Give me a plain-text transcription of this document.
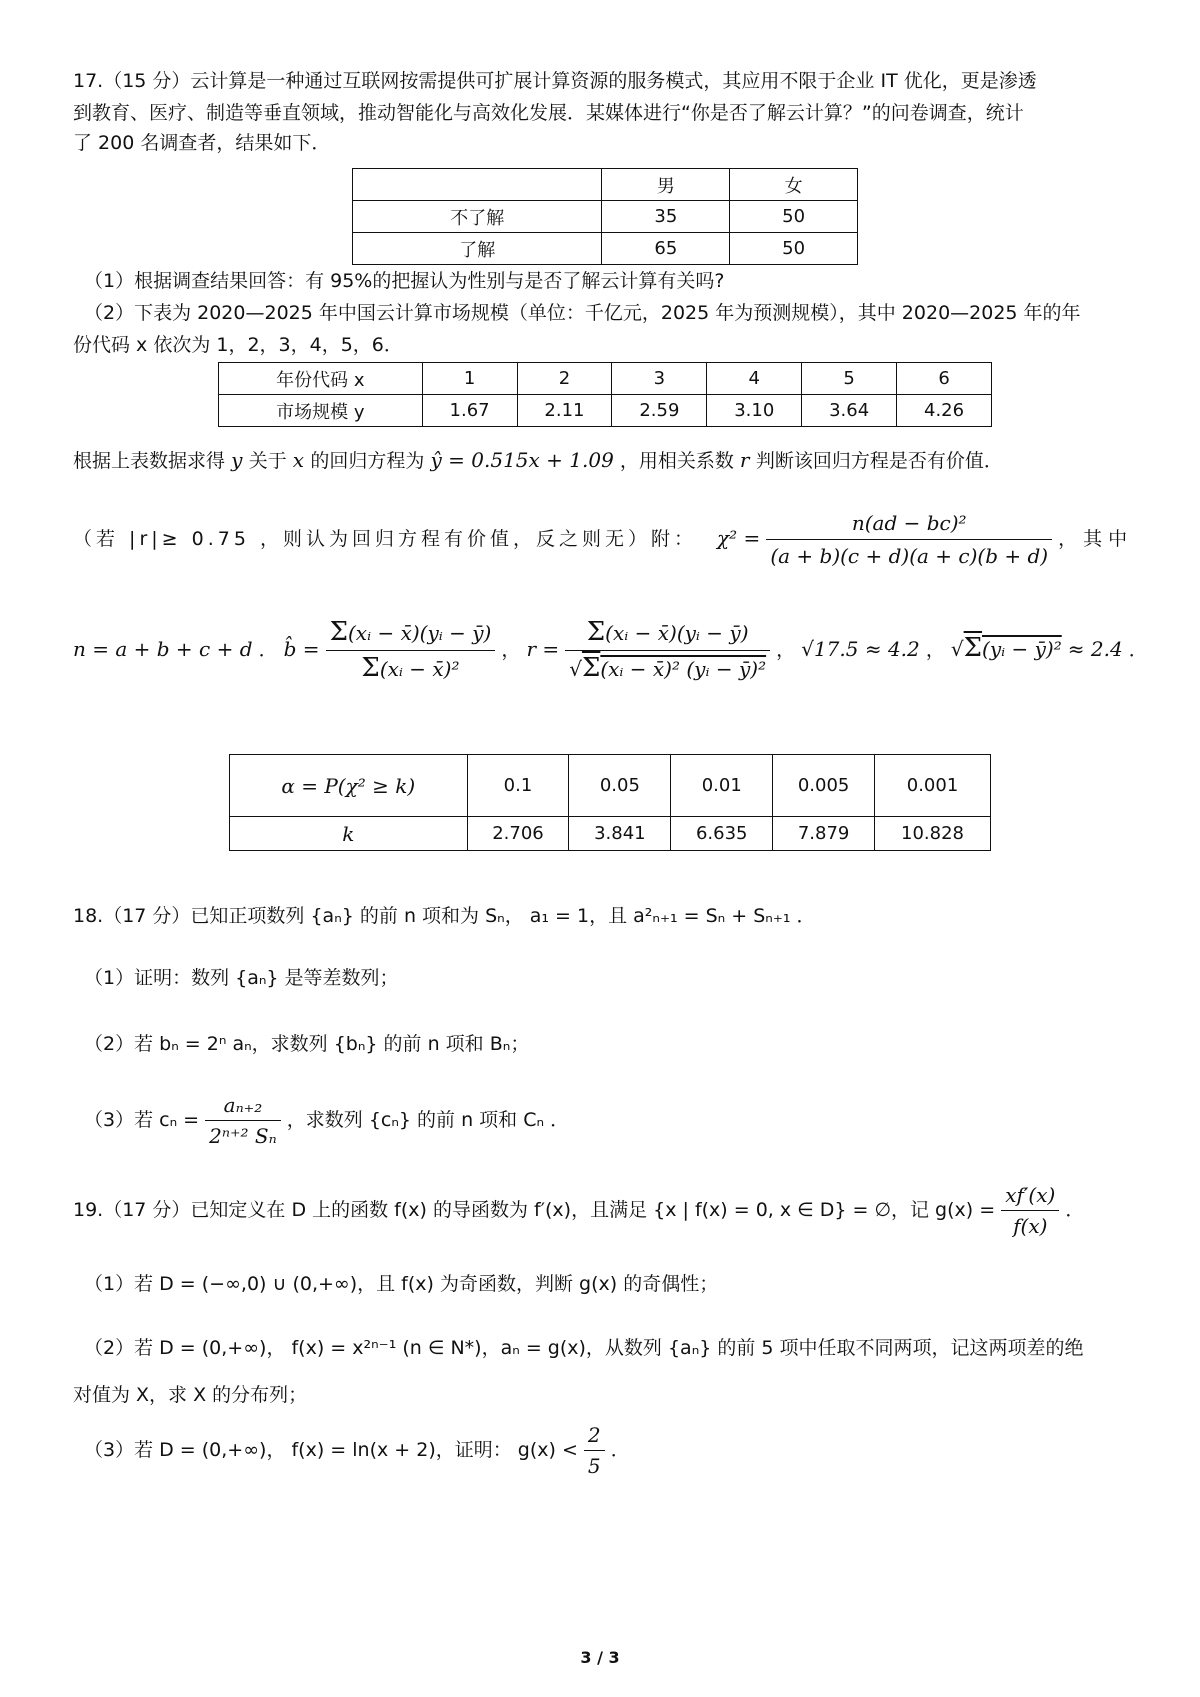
17.（15 分）云计算是一种通过互联网按需提供可扩展计算资源的服务模式，其应用不限于企业 IT 优化，更是渗透
到教育、医疗、制造等垂直领域，推动智能化与高效化发展．某媒体进行“你是否了解云计算？”的问卷调查，统计
了 200 名调查者，结果如下．
	男	女
不了解	35	50
了解	65	50
（1）根据调查结果回答：有 95%的把握认为性别与是否了解云计算有关吗?
（2）下表为 2020—2025 年中国云计算市场规模（单位：千亿元，2025 年为预测规模），其中 2020—2025 年的年
份代码 x 依次为 1，2，3，4，5，6．
年份代码 x	1	2	3	4	5	6
市场规模 y	1.67	2.11	2.59	3.10	3.64	4.26
根据上表数据求得 y 关于 x 的回归方程为 ŷ = 0.515x + 1.09 ，用相关系数 r 判断该回归方程是否有价值．
（若 |r|≥ 0.75 ，则认为回归方程有价值，反之则无）附： $\chi^2 = \frac{\text{n(ad − bc)²}}{(a + b)(c + d)(a + c)(b + d)}$ ，其中
n = a + b + c + d ． b̂ = $\frac{\text{Σ(xᵢ − x̄)(yᵢ − ȳ)}}{\text{Σ(xᵢ − x̄)²}}$ ， $r = \frac{\text{Σ(xᵢ − x̄)(yᵢ − ȳ)}}{\text{√Σ(xᵢ − x̄)² (yᵢ − ȳ)²}}$ ， √17.5 ≈ 4.2 ， √Σ(yᵢ − ȳ)² ≈ 2.4 ．
α = P(χ² ≥ k)	0.1	0.05	0.01	0.005	0.001
k	2.706	3.841	6.635	7.879	10.828
18.（17 分）已知正项数列 {aₙ} 的前 n 项和为 Sₙ， a₁ = 1，且 a²ₙ₊₁ = Sₙ + Sₙ₊₁ ．
（1）证明：数列 {aₙ} 是等差数列；
（2）若 bₙ = 2ⁿ aₙ，求数列 {bₙ} 的前 n 项和 Bₙ；
（3）若 $c_n = \frac{\text{aₙ₊₂}}{\text{2ⁿ⁺² Sₙ}}$ ，求数列 {cₙ} 的前 n 项和 Cₙ ．
19.（17 分）已知定义在 D 上的函数 f(x) 的导函数为 f′(x)，且满足 {x | f(x) = 0, x ∈ D} = ∅，记 $g(x) = \frac{xf'(x)}{f(x)}$ ．
（1）若 D = (−∞,0) ∪ (0,+∞)，且 f(x) 为奇函数，判断 g(x) 的奇偶性；
（2）若 D = (0,+∞)， f(x) = x²ⁿ⁻¹ (n ∈ N*)，aₙ = g(x)，从数列 {aₙ} 的前 5 项中任取不同两项，记这两项差的绝
对值为 X，求 X 的分布列；
（3）若 D = (0,+∞)， f(x) = ln(x + 2)，证明： $g(x) < \frac{2}{5}$ ．
3 / 3
